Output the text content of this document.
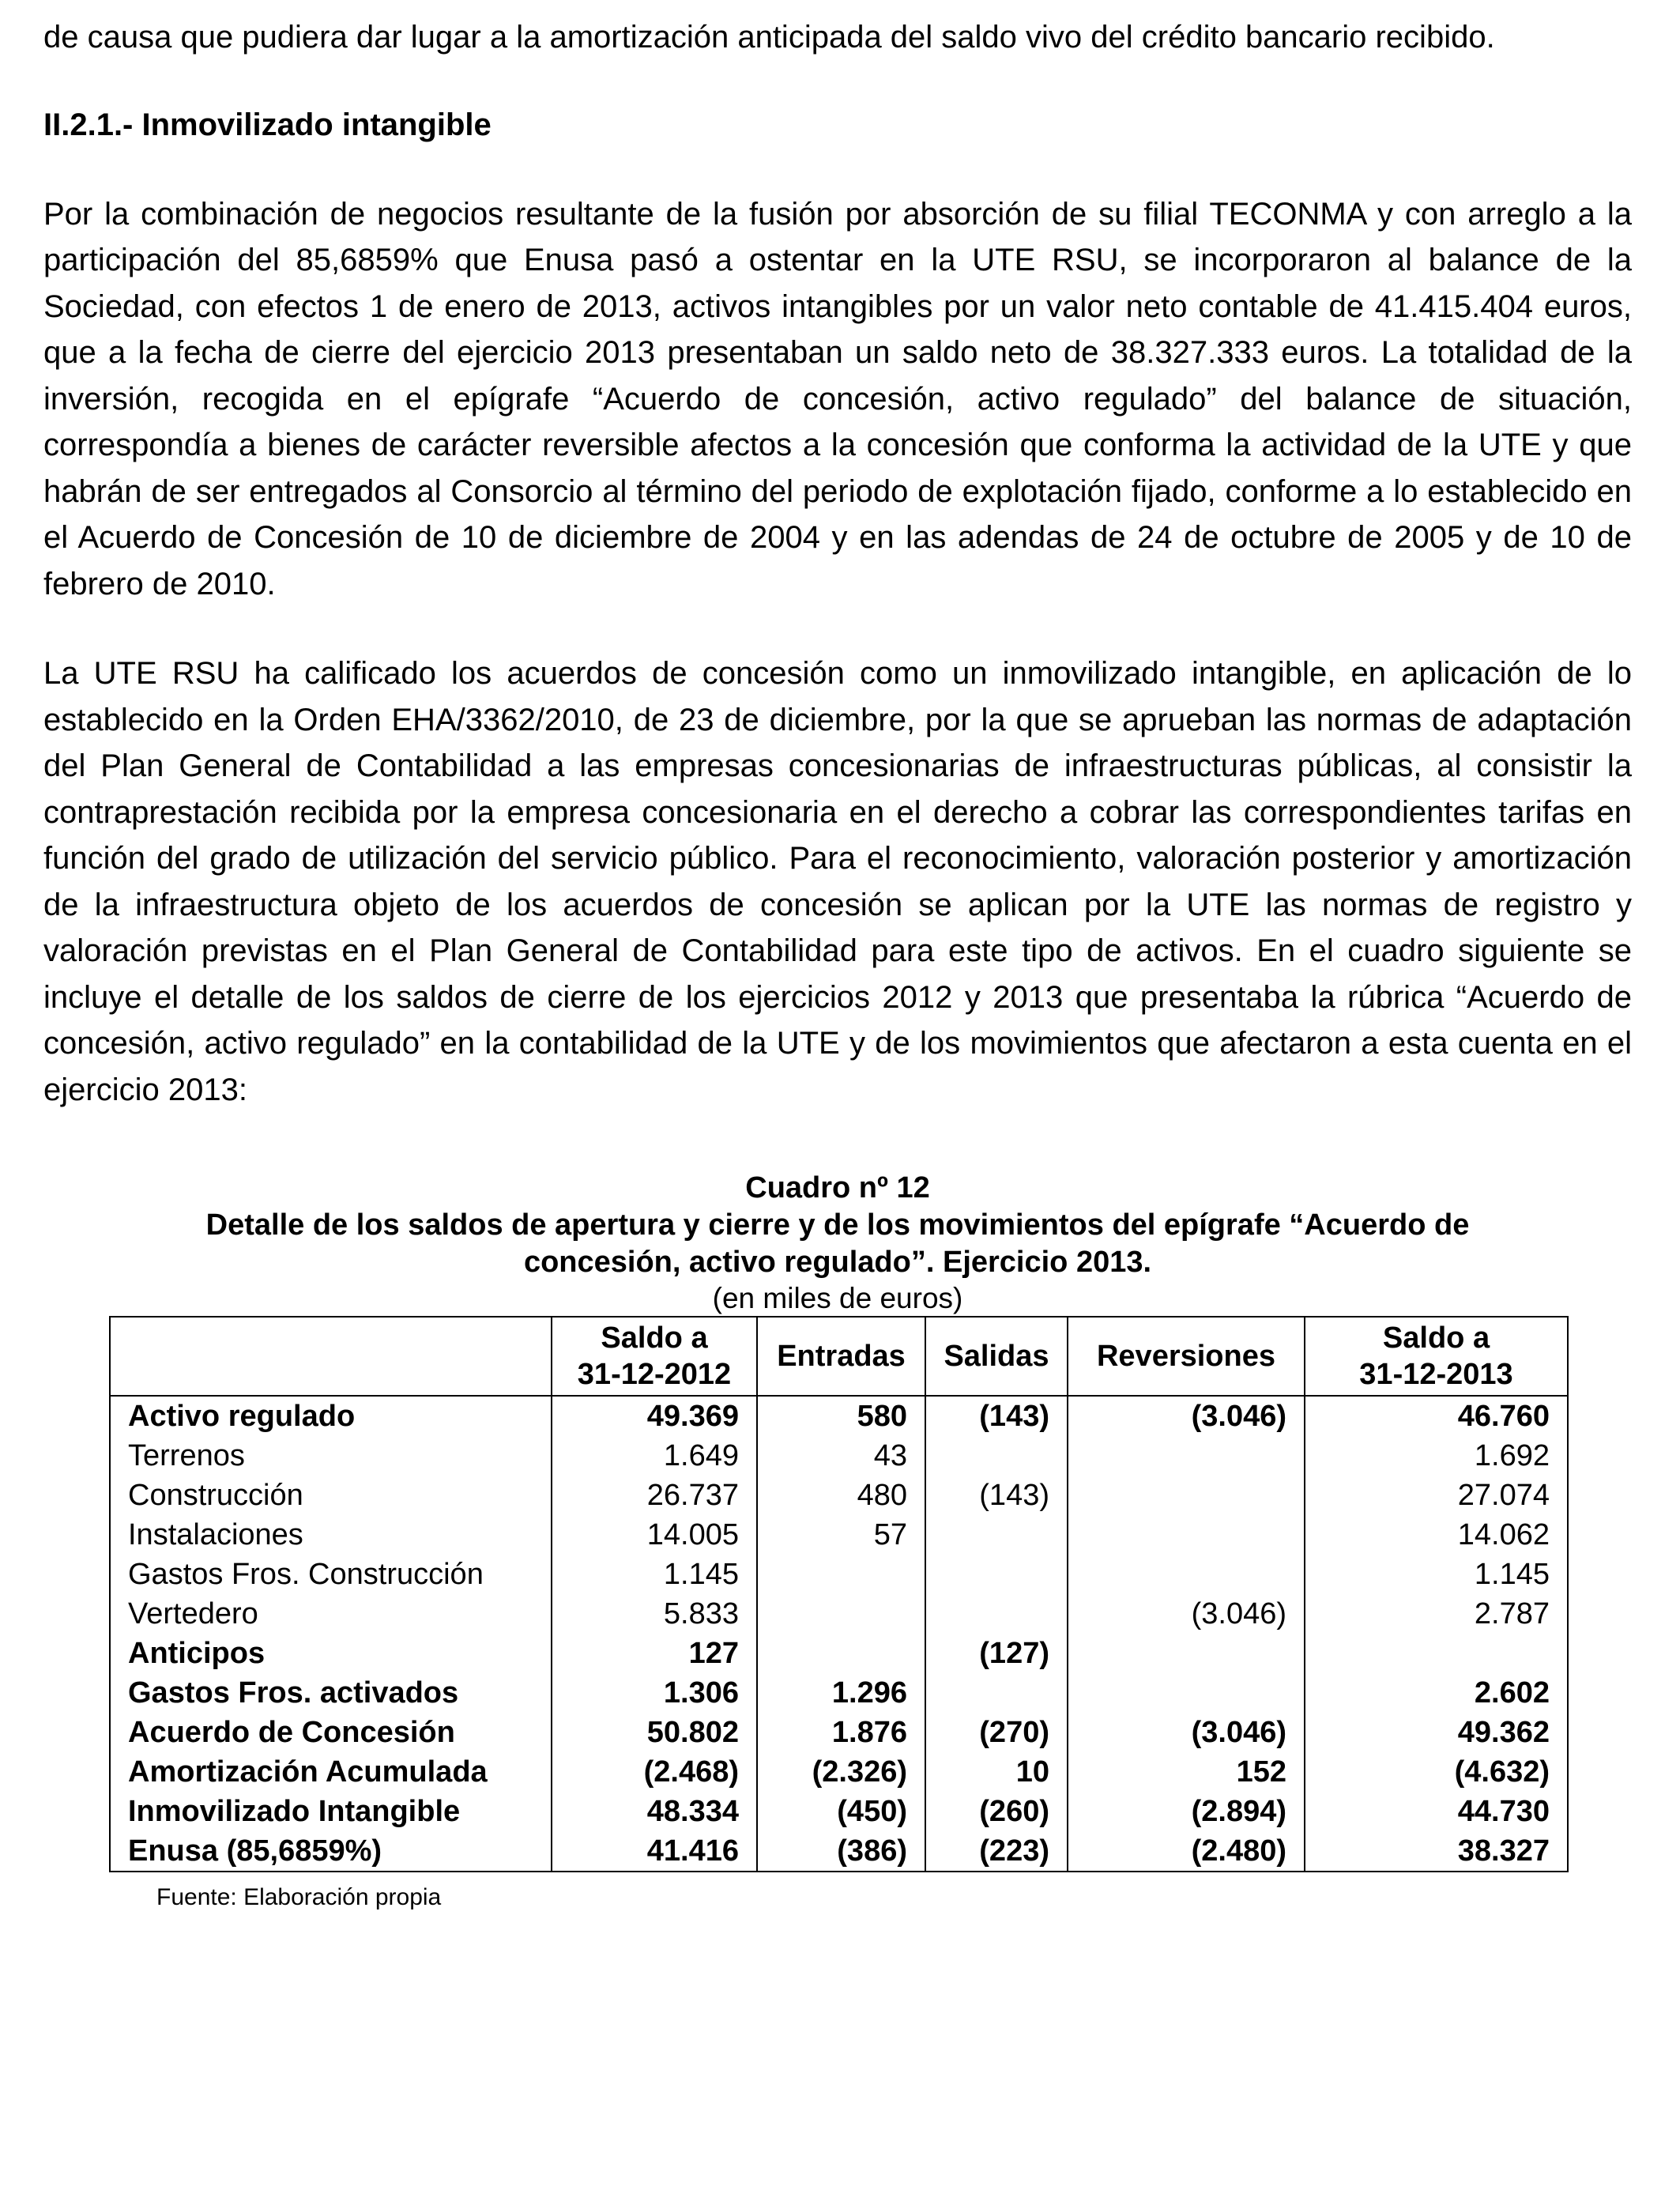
de causa que pudiera dar lugar a la amortización anticipada del saldo vivo del crédito bancario recibido.

II.2.1.- Inmovilizado intangible

Por la combinación de negocios resultante de la fusión por absorción de su filial TECONMA y con arreglo a la participación del 85,6859% que Enusa pasó a ostentar en la UTE RSU, se incorporaron al balance de la Sociedad, con efectos 1 de enero de 2013, activos intangibles por un valor neto contable de 41.415.404 euros, que a la fecha de cierre del ejercicio 2013 presentaban un saldo neto de 38.327.333 euros. La totalidad de la inversión, recogida en el epígrafe “Acuerdo de concesión, activo regulado” del balance de situación, correspondía a bienes de carácter reversible afectos a la concesión que conforma la actividad de la UTE y que habrán de ser entregados al Consorcio al término del periodo de explotación fijado, conforme a lo establecido en el Acuerdo de Concesión de 10 de diciembre de 2004 y en las adendas de 24 de octubre de 2005 y de 10 de febrero de 2010.

La UTE RSU ha calificado los acuerdos de concesión como un inmovilizado intangible, en aplicación de lo establecido en la Orden EHA/3362/2010, de 23 de diciembre, por la que se aprueban las normas de adaptación del Plan General de Contabilidad a las empresas concesionarias de infraestructuras públicas, al consistir la contraprestación recibida por la empresa concesionaria en el derecho a cobrar las correspondientes tarifas en función del grado de utilización del servicio público. Para el reconocimiento, valoración posterior y amortización de la infraestructura objeto de los acuerdos de concesión se aplican por la UTE las normas de registro y valoración previstas en el Plan General de Contabilidad para este tipo de activos. En el cuadro siguiente se incluye el detalle de los saldos de cierre de los ejercicios 2012 y 2013 que presentaba la rúbrica “Acuerdo de concesión, activo regulado” en la contabilidad de la UTE y de los movimientos que afectaron a esta cuenta en el ejercicio 2013:

Cuadro nº 12

Detalle de los saldos de apertura y cierre y de los movimientos del epígrafe “Acuerdo de

concesión, activo regulado”. Ejercicio 2013.

(en miles de euros)

	Saldo a
31-12-2012	Entradas	Salidas	Reversiones	Saldo a
31-12-2013
Activo regulado	49.369	580	(143)	(3.046)	46.760
Terrenos	1.649	43			1.692
Construcción	26.737	480	(143)		27.074
Instalaciones	14.005	57			14.062
Gastos Fros. Construcción	1.145				1.145
Vertedero	5.833			(3.046)	2.787
Anticipos	127		(127)		
Gastos Fros. activados	1.306	1.296			2.602
Acuerdo de Concesión	50.802	1.876	(270)	(3.046)	49.362
Amortización Acumulada	(2.468)	(2.326)	10	152	(4.632)
Inmovilizado Intangible	48.334	(450)	(260)	(2.894)	44.730
Enusa (85,6859%)	41.416	(386)	(223)	(2.480)	38.327
Fuente: Elaboración propia
